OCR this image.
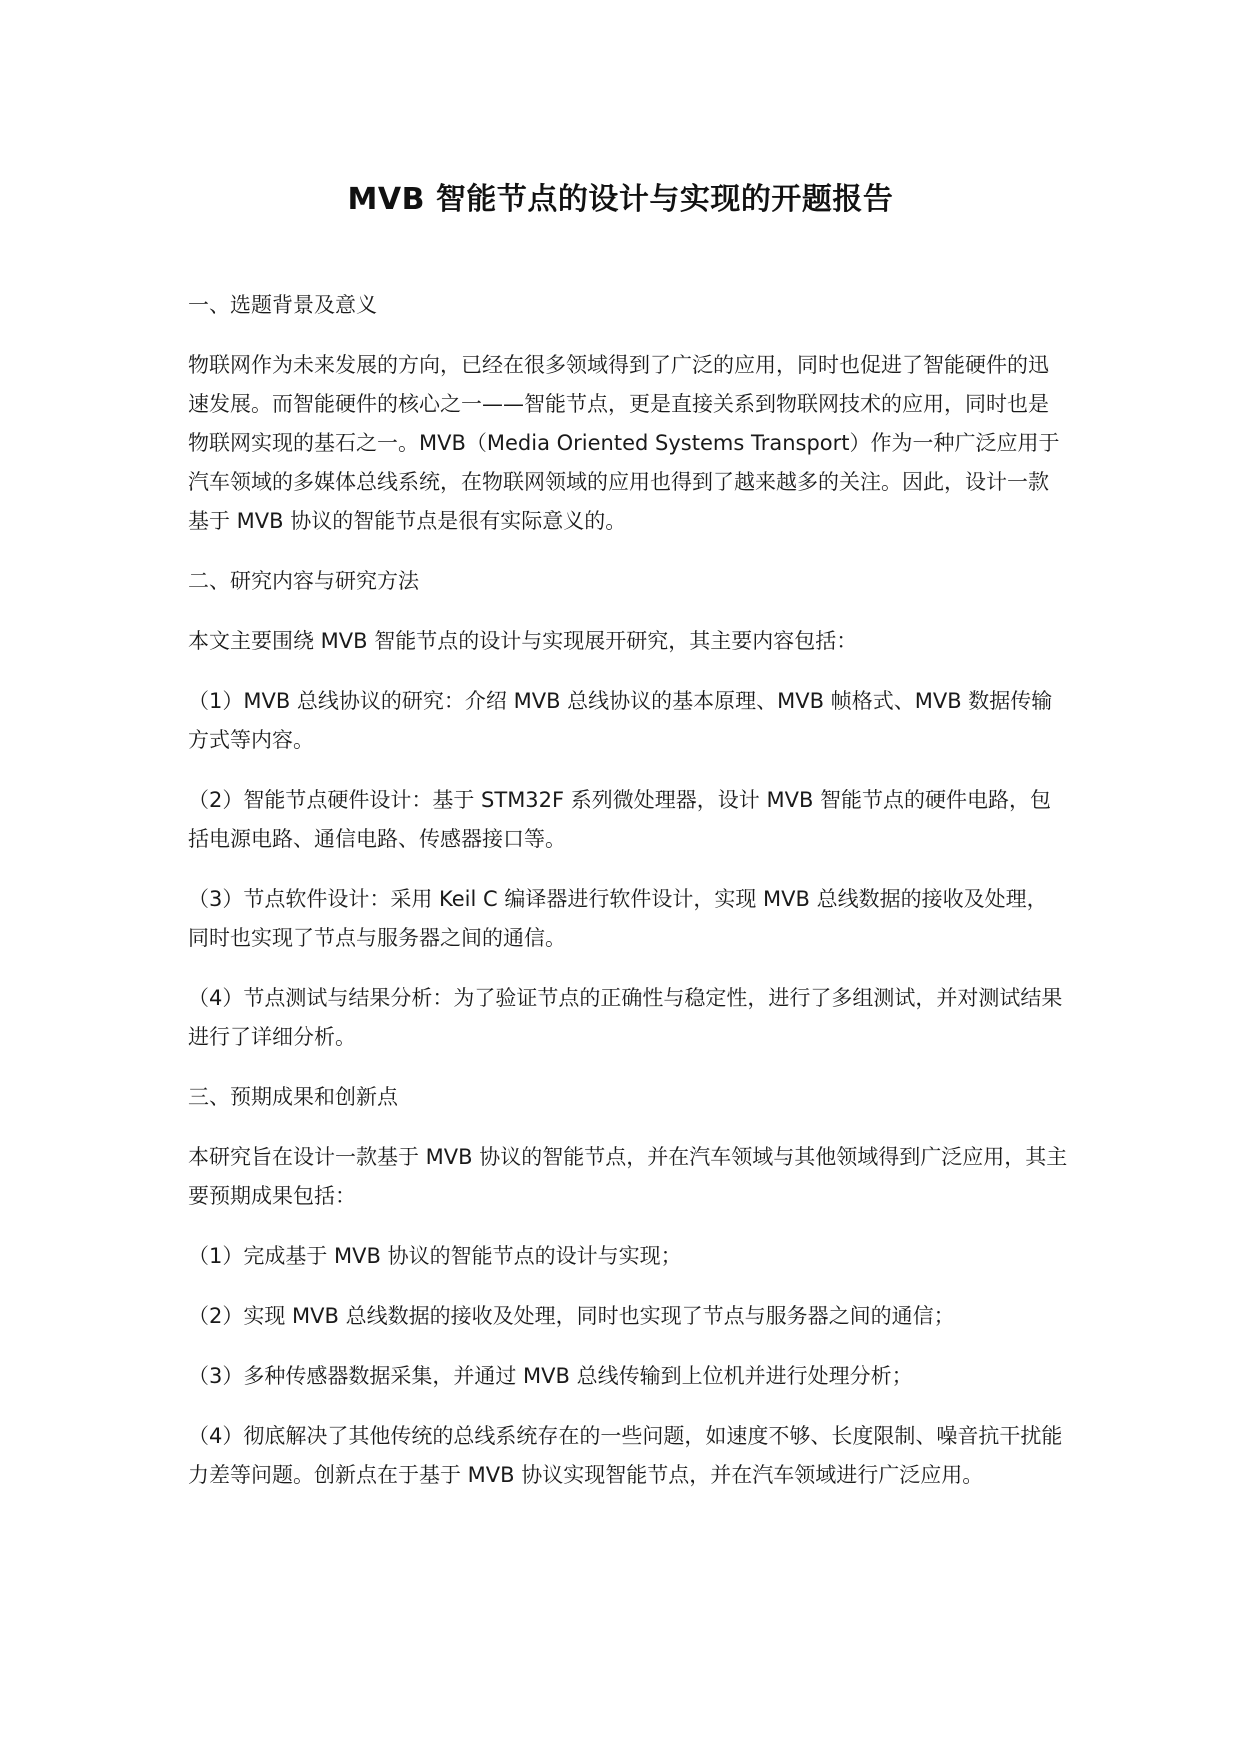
MVB 智能节点的设计与实现的开题报告
一、选题背景及意义
物联网作为未来发展的方向，已经在很多领域得到了广泛的应用，同时也促进了智能硬件的迅速发展。而智能硬件的核心之一——智能节点，更是直接关系到物联网技术的应用，同时也是物联网实现的基石之一。MVB（Media Oriented Systems Transport）作为一种广泛应用于汽车领域的多媒体总线系统，在物联网领域的应用也得到了越来越多的关注。因此，设计一款基于 MVB 协议的智能节点是很有实际意义的。
二、研究内容与研究方法
本文主要围绕 MVB 智能节点的设计与实现展开研究，其主要内容包括：
（1）MVB 总线协议的研究：介绍 MVB 总线协议的基本原理、MVB 帧格式、MVB 数据传输方式等内容。
（2）智能节点硬件设计：基于 STM32F 系列微处理器，设计 MVB 智能节点的硬件电路，包括电源电路、通信电路、传感器接口等。
（3）节点软件设计：采用 Keil C 编译器进行软件设计，实现 MVB 总线数据的接收及处理，同时也实现了节点与服务器之间的通信。
（4）节点测试与结果分析：为了验证节点的正确性与稳定性，进行了多组测试，并对测试结果进行了详细分析。
三、预期成果和创新点
本研究旨在设计一款基于 MVB 协议的智能节点，并在汽车领域与其他领域得到广泛应用，其主要预期成果包括：
（1）完成基于 MVB 协议的智能节点的设计与实现；
（2）实现 MVB 总线数据的接收及处理，同时也实现了节点与服务器之间的通信；
（3）多种传感器数据采集，并通过 MVB 总线传输到上位机并进行处理分析；
（4）彻底解决了其他传统的总线系统存在的一些问题，如速度不够、长度限制、噪音抗干扰能力差等问题。创新点在于基于 MVB 协议实现智能节点，并在汽车领域进行广泛应用。
